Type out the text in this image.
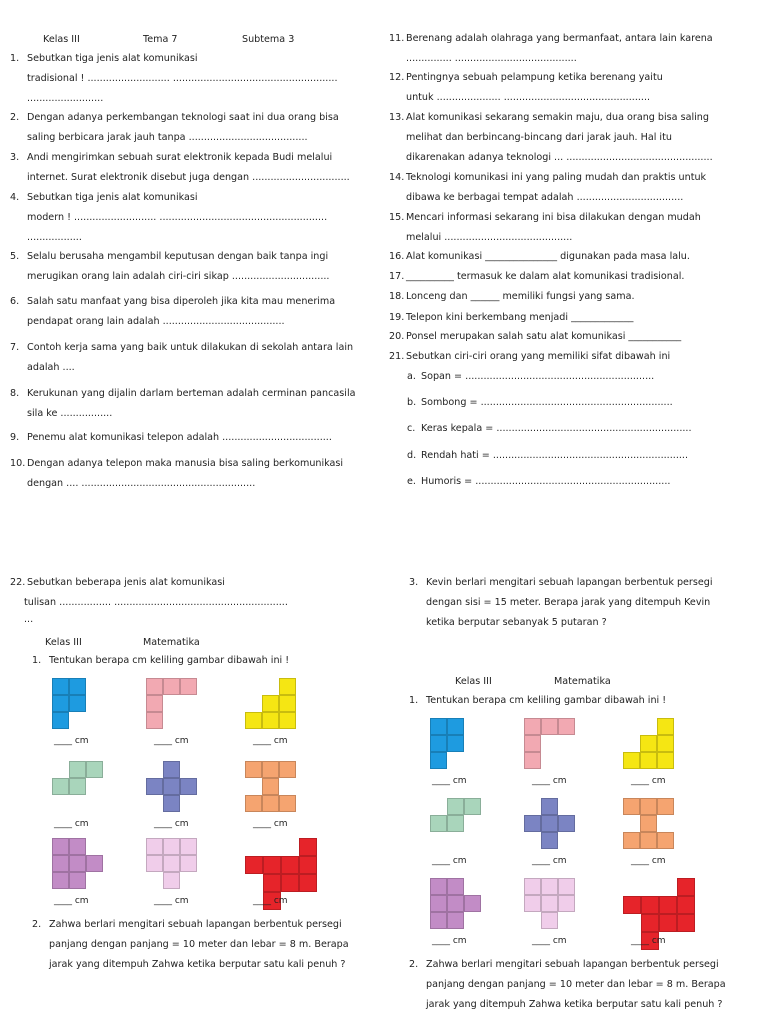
Kelas III	Tema 7	Subtema 3
1. Sebutkan tiga jenis alat komunikasi
tradisional ! ........................... ......................................................
.........................
2. Dengan adanya perkembangan teknologi saat ini dua orang bisa
saling berbicara jarak jauh tanpa .......................................
3. Andi mengirimkan sebuah surat elektronik kepada Budi melalui
internet. Surat elektronik disebut juga dengan ................................
4. Sebutkan tiga jenis alat komunikasi
modern ! ........................... .......................................................
..................
5. Selalu berusaha mengambil keputusan dengan baik tanpa ingi
merugikan orang lain adalah ciri-ciri sikap ................................
6. Salah satu manfaat yang bisa diperoleh jika kita mau menerima
pendapat orang lain adalah ........................................
7. Contoh kerja sama yang baik untuk dilakukan di sekolah antara lain
adalah ....
8. Kerukunan yang dijalin darlam berteman adalah cerminan pancasila
sila ke .................
9. Penemu alat komunikasi telepon adalah ....................................
10. Dengan adanya telepon maka manusia bisa saling berkomunikasi
dengan .... .........................................................
11. Berenang adalah olahraga yang bermanfaat, antara lain karena
............... ........................................
12. Pentingnya sebuah pelampung ketika berenang yaitu
untuk ..................... ................................................
13. Alat komunikasi sekarang semakin maju, dua orang bisa saling
melihat dan berbincang-bincang dari jarak jauh. Hal itu
dikarenakan adanya teknologi ... ................................................
14. Teknologi komunikasi ini yang paling mudah dan praktis untuk
dibawa ke berbagai tempat adalah ...................................
15. Mencari informasi sekarang ini bisa dilakukan dengan mudah
melalui ..........................................
16. Alat komunikasi _______________ digunakan pada masa lalu.
17. __________ termasuk ke dalam alat komunikasi tradisional.
18. Lonceng dan ______ memiliki fungsi yang sama.
19. Telepon kini berkembang menjadi _____________
20. Ponsel merupakan salah satu alat komunikasi ___________
21. Sebutkan ciri-ciri orang yang memiliki sifat dibawah ini
a. Sopan = ..............................................................
b. Sombong = ...............................................................
c. Keras kepala = ................................................................
d. Rendah hati = ................................................................
e. Humoris = ................................................................
22. Sebutkan beberapa jenis alat komunikasi
tulisan ................. .........................................................
...
Kelas III	Matematika
1. Tentukan berapa cm keliling gambar dibawah ini !
____ cm	____ cm	____ cm
____ cm	____ cm	____ cm
____ cm	____ cm	____ cm
2. Zahwa berlari mengitari sebuah lapangan berbentuk persegi
panjang dengan panjang = 10 meter dan lebar = 8 m. Berapa
jarak yang ditempuh Zahwa ketika berputar satu kali penuh ?
3. Kevin berlari mengitari sebuah lapangan berbentuk persegi
dengan sisi = 15 meter. Berapa jarak yang ditempuh Kevin
ketika berputar sebanyak 5 putaran ?
Kelas III	Matematika
1. Tentukan berapa cm keliling gambar dibawah ini !
____ cm	____ cm	____ cm
____ cm	____ cm	____ cm
____ cm	____ cm	____ cm
2. Zahwa berlari mengitari sebuah lapangan berbentuk persegi
panjang dengan panjang = 10 meter dan lebar = 8 m. Berapa
jarak yang ditempuh Zahwa ketika berputar satu kali penuh ?
